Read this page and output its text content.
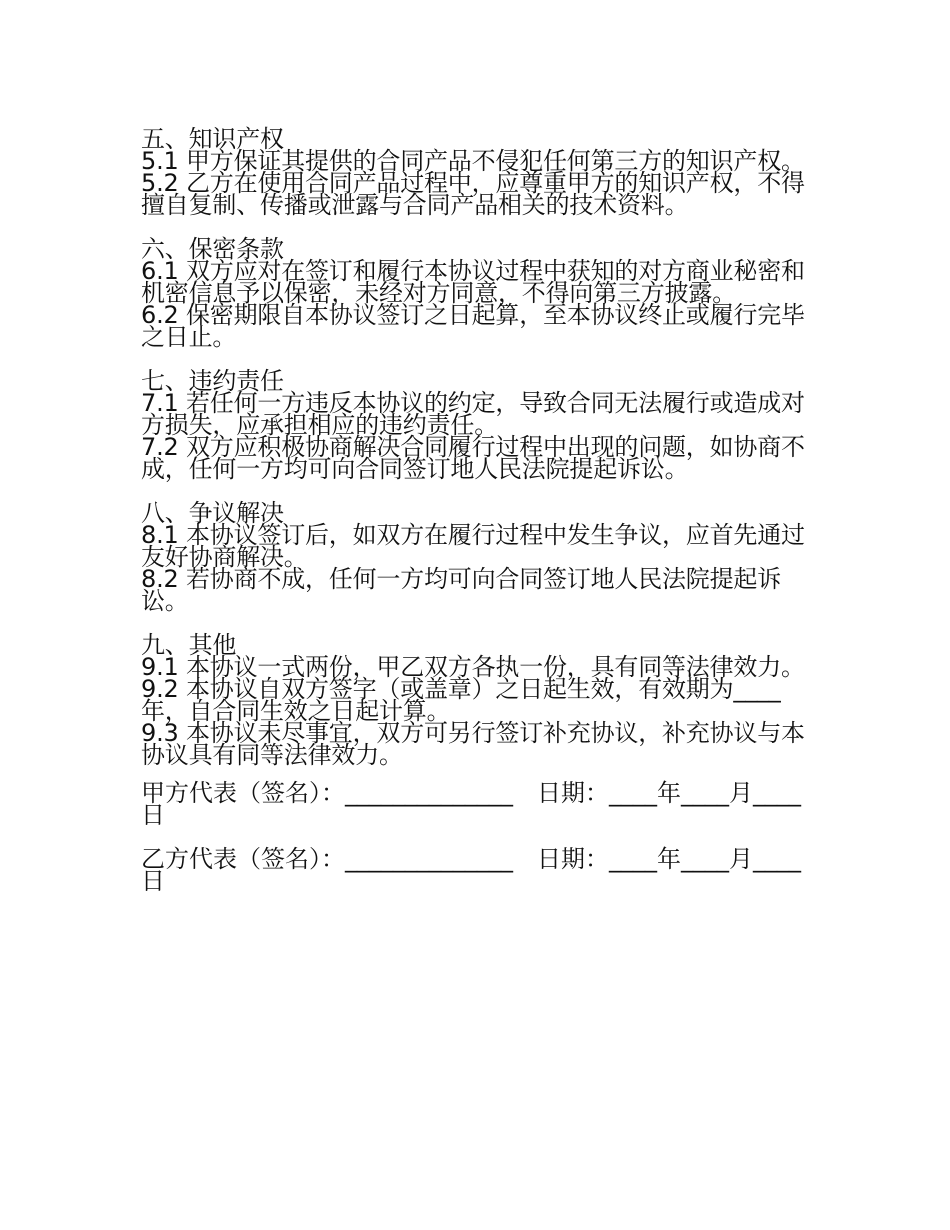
五、知识产权
5.1 甲方保证其提供的合同产品不侵犯任何第三方的知识产权。
5.2 乙方在使用合同产品过程中，应尊重甲方的知识产权，不得擅自复制、传播或泄露与合同产品相关的技术资料。
六、保密条款
6.1 双方应对在签订和履行本协议过程中获知的对方商业秘密和机密信息予以保密，未经对方同意，不得向第三方披露。
6.2 保密期限自本协议签订之日起算，至本协议终止或履行完毕之日止。
七、违约责任
7.1 若任何一方违反本协议的约定，导致合同无法履行或造成对方损失，应承担相应的违约责任。
7.2 双方应积极协商解决合同履行过程中出现的问题，如协商不成，任何一方均可向合同签订地人民法院提起诉讼。
八、争议解决
8.1 本协议签订后，如双方在履行过程中发生争议，应首先通过友好协商解决。
8.2 若协商不成，任何一方均可向合同签订地人民法院提起诉讼。
九、其他
9.1 本协议一式两份，甲乙双方各执一份，具有同等法律效力。
9.2 本协议自双方签字（或盖章）之日起生效，有效期为____年，自合同生效之日起计算。
9.3 本协议未尽事宜，双方可另行签订补充协议，补充协议与本协议具有同等法律效力。
甲方代表（签名）：______________ 日期：____年____月____日
乙方代表（签名）：______________ 日期：____年____月____日
